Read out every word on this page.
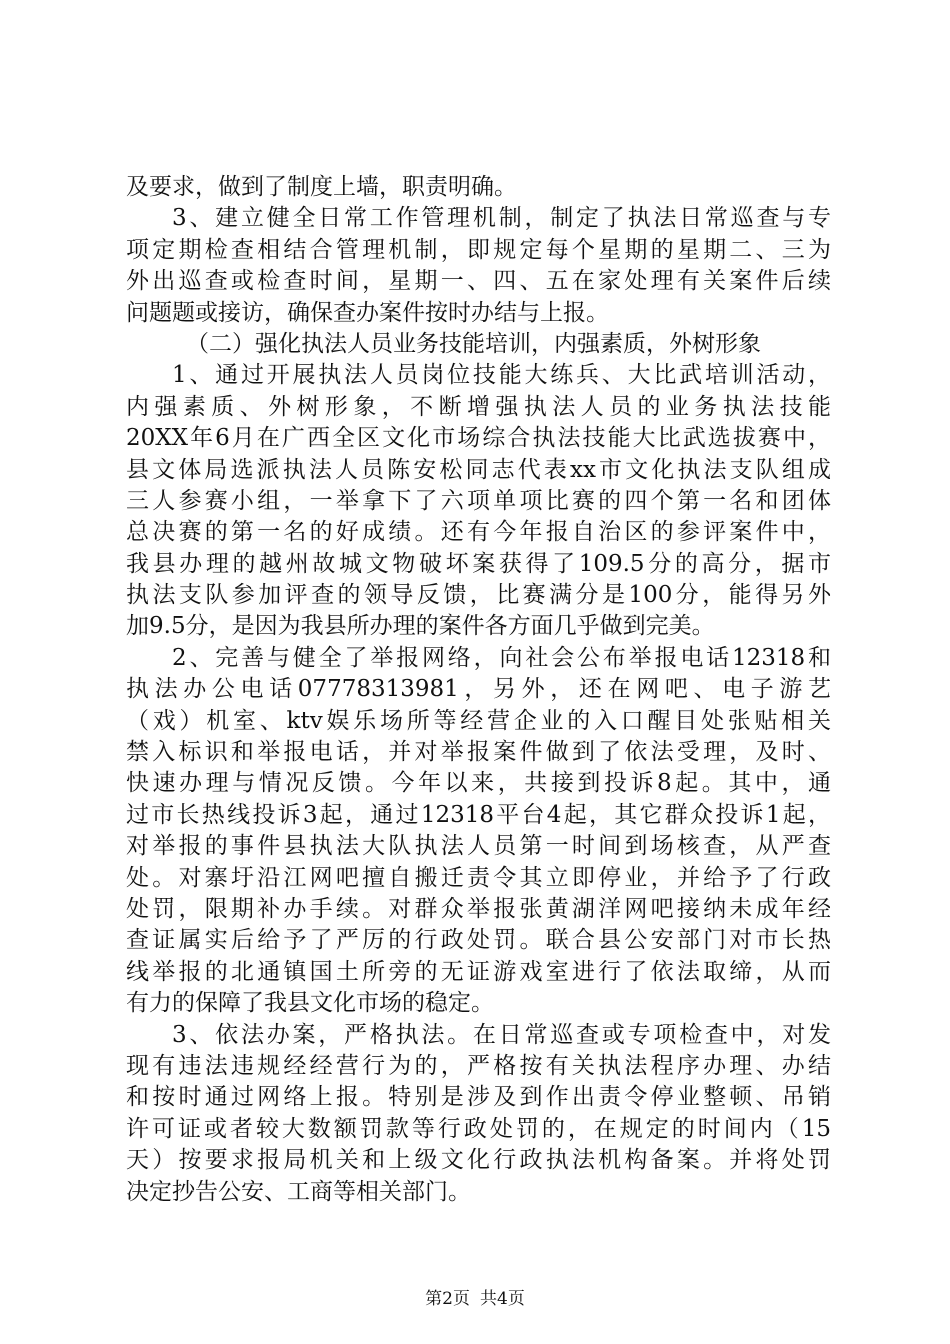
及要求，做到了制度上墙，职责明确。
3、建立健全日常工作管理机制，制定了执法日常巡查与专
项定期检查相结合管理机制，即规定每个星期的星期二、三为
外出巡查或检查时间，星期一、四、五在家处理有关案件后续
问题题或接访，确保查办案件按时办结与上报。
（二）强化执法人员业务技能培训，内强素质，外树形象
1、通过开展执法人员岗位技能大练兵、大比武培训活动，
内强素质、外树形象，不断增强执法人员的业务执法技能
20XX年6月在广西全区文化市场综合执法技能大比武选拔赛中，
县文体局选派执法人员陈安松同志代表xx市文化执法支队组成
三人参赛小组，一举拿下了六项单项比赛的四个第一名和团体
总决赛的第一名的好成绩。还有今年报自治区的参评案件中，
我县办理的越州故城文物破坏案获得了109.5分的高分，据市
执法支队参加评查的领导反馈，比赛满分是100分，能得另外
加9.5分，是因为我县所办理的案件各方面几乎做到完美。
2、完善与健全了举报网络，向社会公布举报电话12318和
执法办公电话07778313981，另外，还在网吧、电子游艺
（戏）机室、ktv娱乐场所等经营企业的入口醒目处张贴相关
禁入标识和举报电话，并对举报案件做到了依法受理，及时、
快速办理与情况反馈。今年以来，共接到投诉8起。其中，通
过市长热线投诉3起，通过12318平台4起，其它群众投诉1起，
对举报的事件县执法大队执法人员第一时间到场核查，从严查
处。对寨圩沿江网吧擅自搬迁责令其立即停业，并给予了行政
处罚，限期补办手续。对群众举报张黄湖洋网吧接纳未成年经
查证属实后给予了严厉的行政处罚。联合县公安部门对市长热
线举报的北通镇国土所旁的无证游戏室进行了依法取缔，从而
有力的保障了我县文化市场的稳定。
3、依法办案，严格执法。在日常巡查或专项检查中，对发
现有违法违规经经营行为的，严格按有关执法程序办理、办结
和按时通过网络上报。特别是涉及到作出责令停业整顿、吊销
许可证或者较大数额罚款等行政处罚的，在规定的时间内（15
天）按要求报局机关和上级文化行政执法机构备案。并将处罚
决定抄告公安、工商等相关部门。
第2页 共4页
